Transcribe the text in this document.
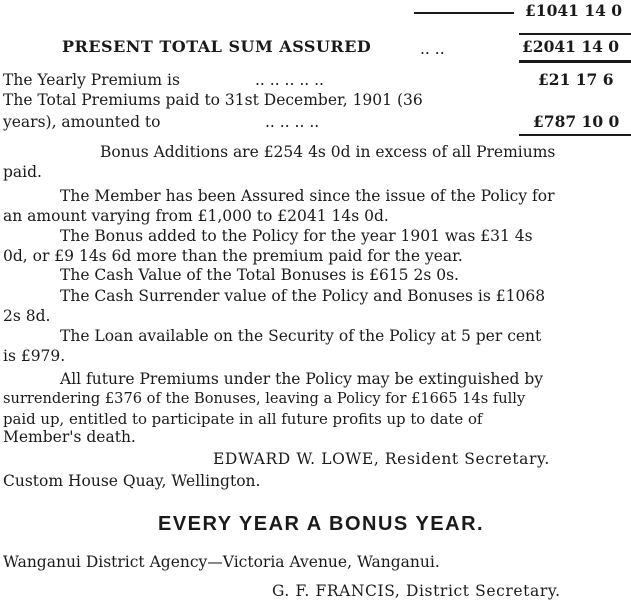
£1041 14 0
PRESENT TOTAL SUM ASSURED	.. ..	£2041 14 0
The Yearly Premium is	.. .. .. .. ..	£21 17 6
The Total Premiums paid to 31st December, 1901 (36
years), amounted to	.. .. .. ..	£787 10 0
Bonus Additions are £254 4s 0d in excess of all Premiums
paid.
The Member has been Assured since the issue of the Policy for
an amount varying from £1,000 to £2041 14s 0d.
The Bonus added to the Policy for the year 1901 was £31 4s
0d, or £9 14s 6d more than the premium paid for the year.
The Cash Value of the Total Bonuses is £615 2s 0s.
The Cash Surrender value of the Policy and Bonuses is £1068
2s 8d.
The Loan available on the Security of the Policy at 5 per cent
is £979.
All future Premiums under the Policy may be extinguished by
surrendering £376 of the Bonuses, leaving a Policy for £1665 14s fully
paid up, entitled to participate in all future profits up to date of
Member's death.
EDWARD W. LOWE, Resident Secretary.
Custom House Quay, Wellington.
EVERY YEAR A BONUS YEAR.
Wanganui District Agency—Victoria Avenue, Wanganui.
G. F. FRANCIS, District Secretary.
